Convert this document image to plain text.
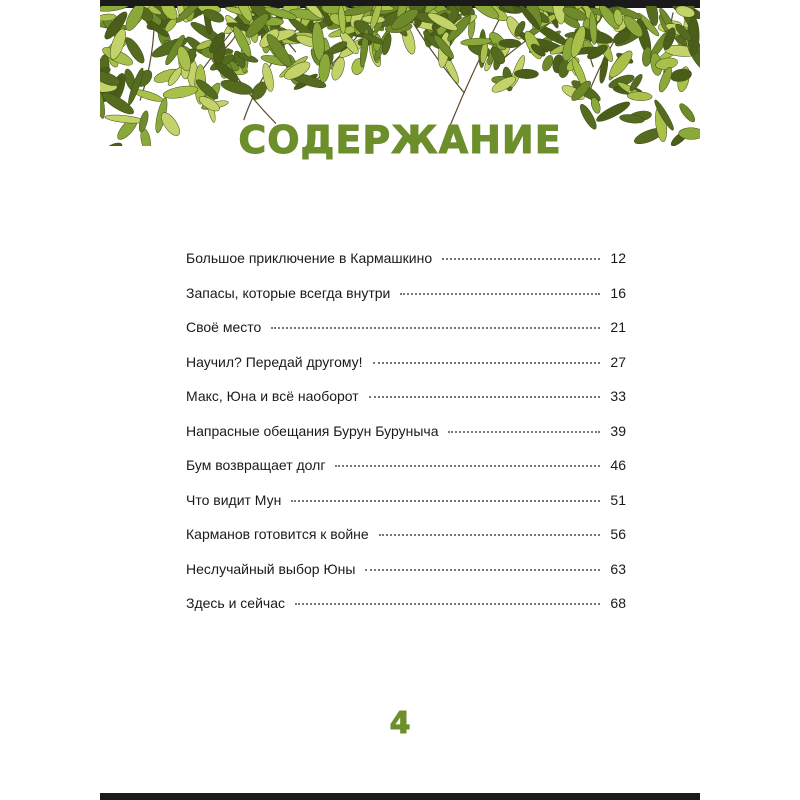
СОДЕРЖАНИЕ
Большое приключение в Кармашкино	12
Запасы, которые всегда внутри	16
Своё место	21
Научил? Передай другому!	27
Макс, Юна и всё наоборот	33
Напрасные обещания Бурун Буруныча	39
Бум возвращает долг	46
Что видит Мун	51
Карманов готовится к войне	56
Неслучайный выбор Юны	63
Здесь и сейчас	68
4
